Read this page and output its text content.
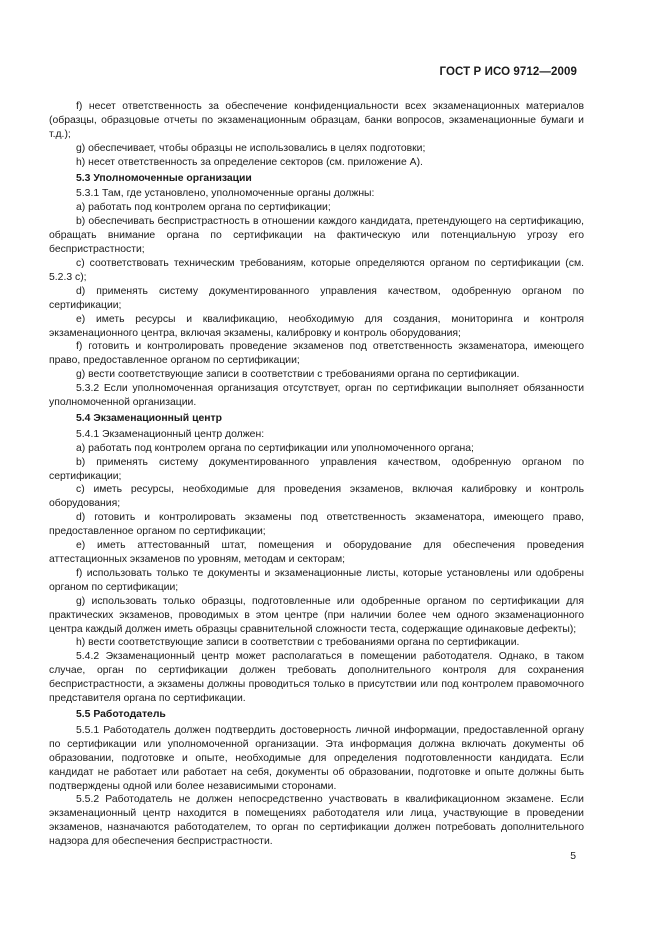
ГОСТ Р ИСО 9712—2009

f) несет ответственность за обеспечение конфиденциальности всех экзаменационных материалов (образцы, образцовые отчеты по экзаменационным образцам, банки вопросов, экзаменационные бумаги и т.д.);

g) обеспечивает, чтобы образцы не использовались в целях подготовки;

h) несет ответственность за определение секторов (см. приложение А).

5.3 Уполномоченные организации

5.3.1 Там, где установлено, уполномоченные органы должны:

a) работать под контролем органа по сертификации;

b) обеспечивать беспристрастность в отношении каждого кандидата, претендующего на сертификацию, обращать внимание органа по сертификации на фактическую или потенциальную угрозу его беспристрастности;

c) соответствовать техническим требованиям, которые определяются органом по сертификации (см. 5.2.3 c);

d) применять систему документированного управления качеством, одобренную органом по сертификации;

e) иметь ресурсы и квалификацию, необходимую для создания, мониторинга и контроля экзаменационного центра, включая экзамены, калибровку и контроль оборудования;

f) готовить и контролировать проведение экзаменов под ответственность экзаменатора, имеющего право, предоставленное органом по сертификации;

g) вести соответствующие записи в соответствии с требованиями органа по сертификации.

5.3.2 Если уполномоченная организация отсутствует, орган по сертификации выполняет обязанности уполномоченной организации.

5.4 Экзаменационный центр

5.4.1 Экзаменационный центр должен:

a) работать под контролем органа по сертификации или уполномоченного органа;

b) применять систему документированного управления качеством, одобренную органом по сертификации;

c) иметь ресурсы, необходимые для проведения экзаменов, включая калибровку и контроль оборудования;

d) готовить и контролировать экзамены под ответственность экзаменатора, имеющего право, предоставленное органом по сертификации;

e) иметь аттестованный штат, помещения и оборудование для обеспечения проведения аттестационных экзаменов по уровням, методам и секторам;

f) использовать только те документы и экзаменационные листы, которые установлены или одобрены органом по сертификации;

g) использовать только образцы, подготовленные или одобренные органом по сертификации для практических экзаменов, проводимых в этом центре (при наличии более чем одного экзаменационного центра каждый должен иметь образцы сравнительной сложности теста, содержащие одинаковые дефекты);

h) вести соответствующие записи в соответствии с требованиями органа по сертификации.

5.4.2 Экзаменационный центр может располагаться в помещении работодателя. Однако, в таком случае, орган по сертификации должен требовать дополнительного контроля для сохранения беспристрастности, а экзамены должны проводиться только в присутствии или под контролем правомочного представителя органа по сертификации.

5.5 Работодатель

5.5.1 Работодатель должен подтвердить достоверность личной информации, предоставленной органу по сертификации или уполномоченной организации. Эта информация должна включать документы об образовании, подготовке и опыте, необходимые для определения подготовленности кандидата. Если кандидат не работает или работает на себя, документы об образовании, подготовке и опыте должны быть подтверждены одной или более независимыми сторонами.

5.5.2 Работодатель не должен непосредственно участвовать в квалификационном экзамене. Если экзаменационный центр находится в помещениях работодателя или лица, участвующие в проведении экзаменов, назначаются работодателем, то орган по сертификации должен потребовать дополнительного надзора для обеспечения беспристрастности.

5
